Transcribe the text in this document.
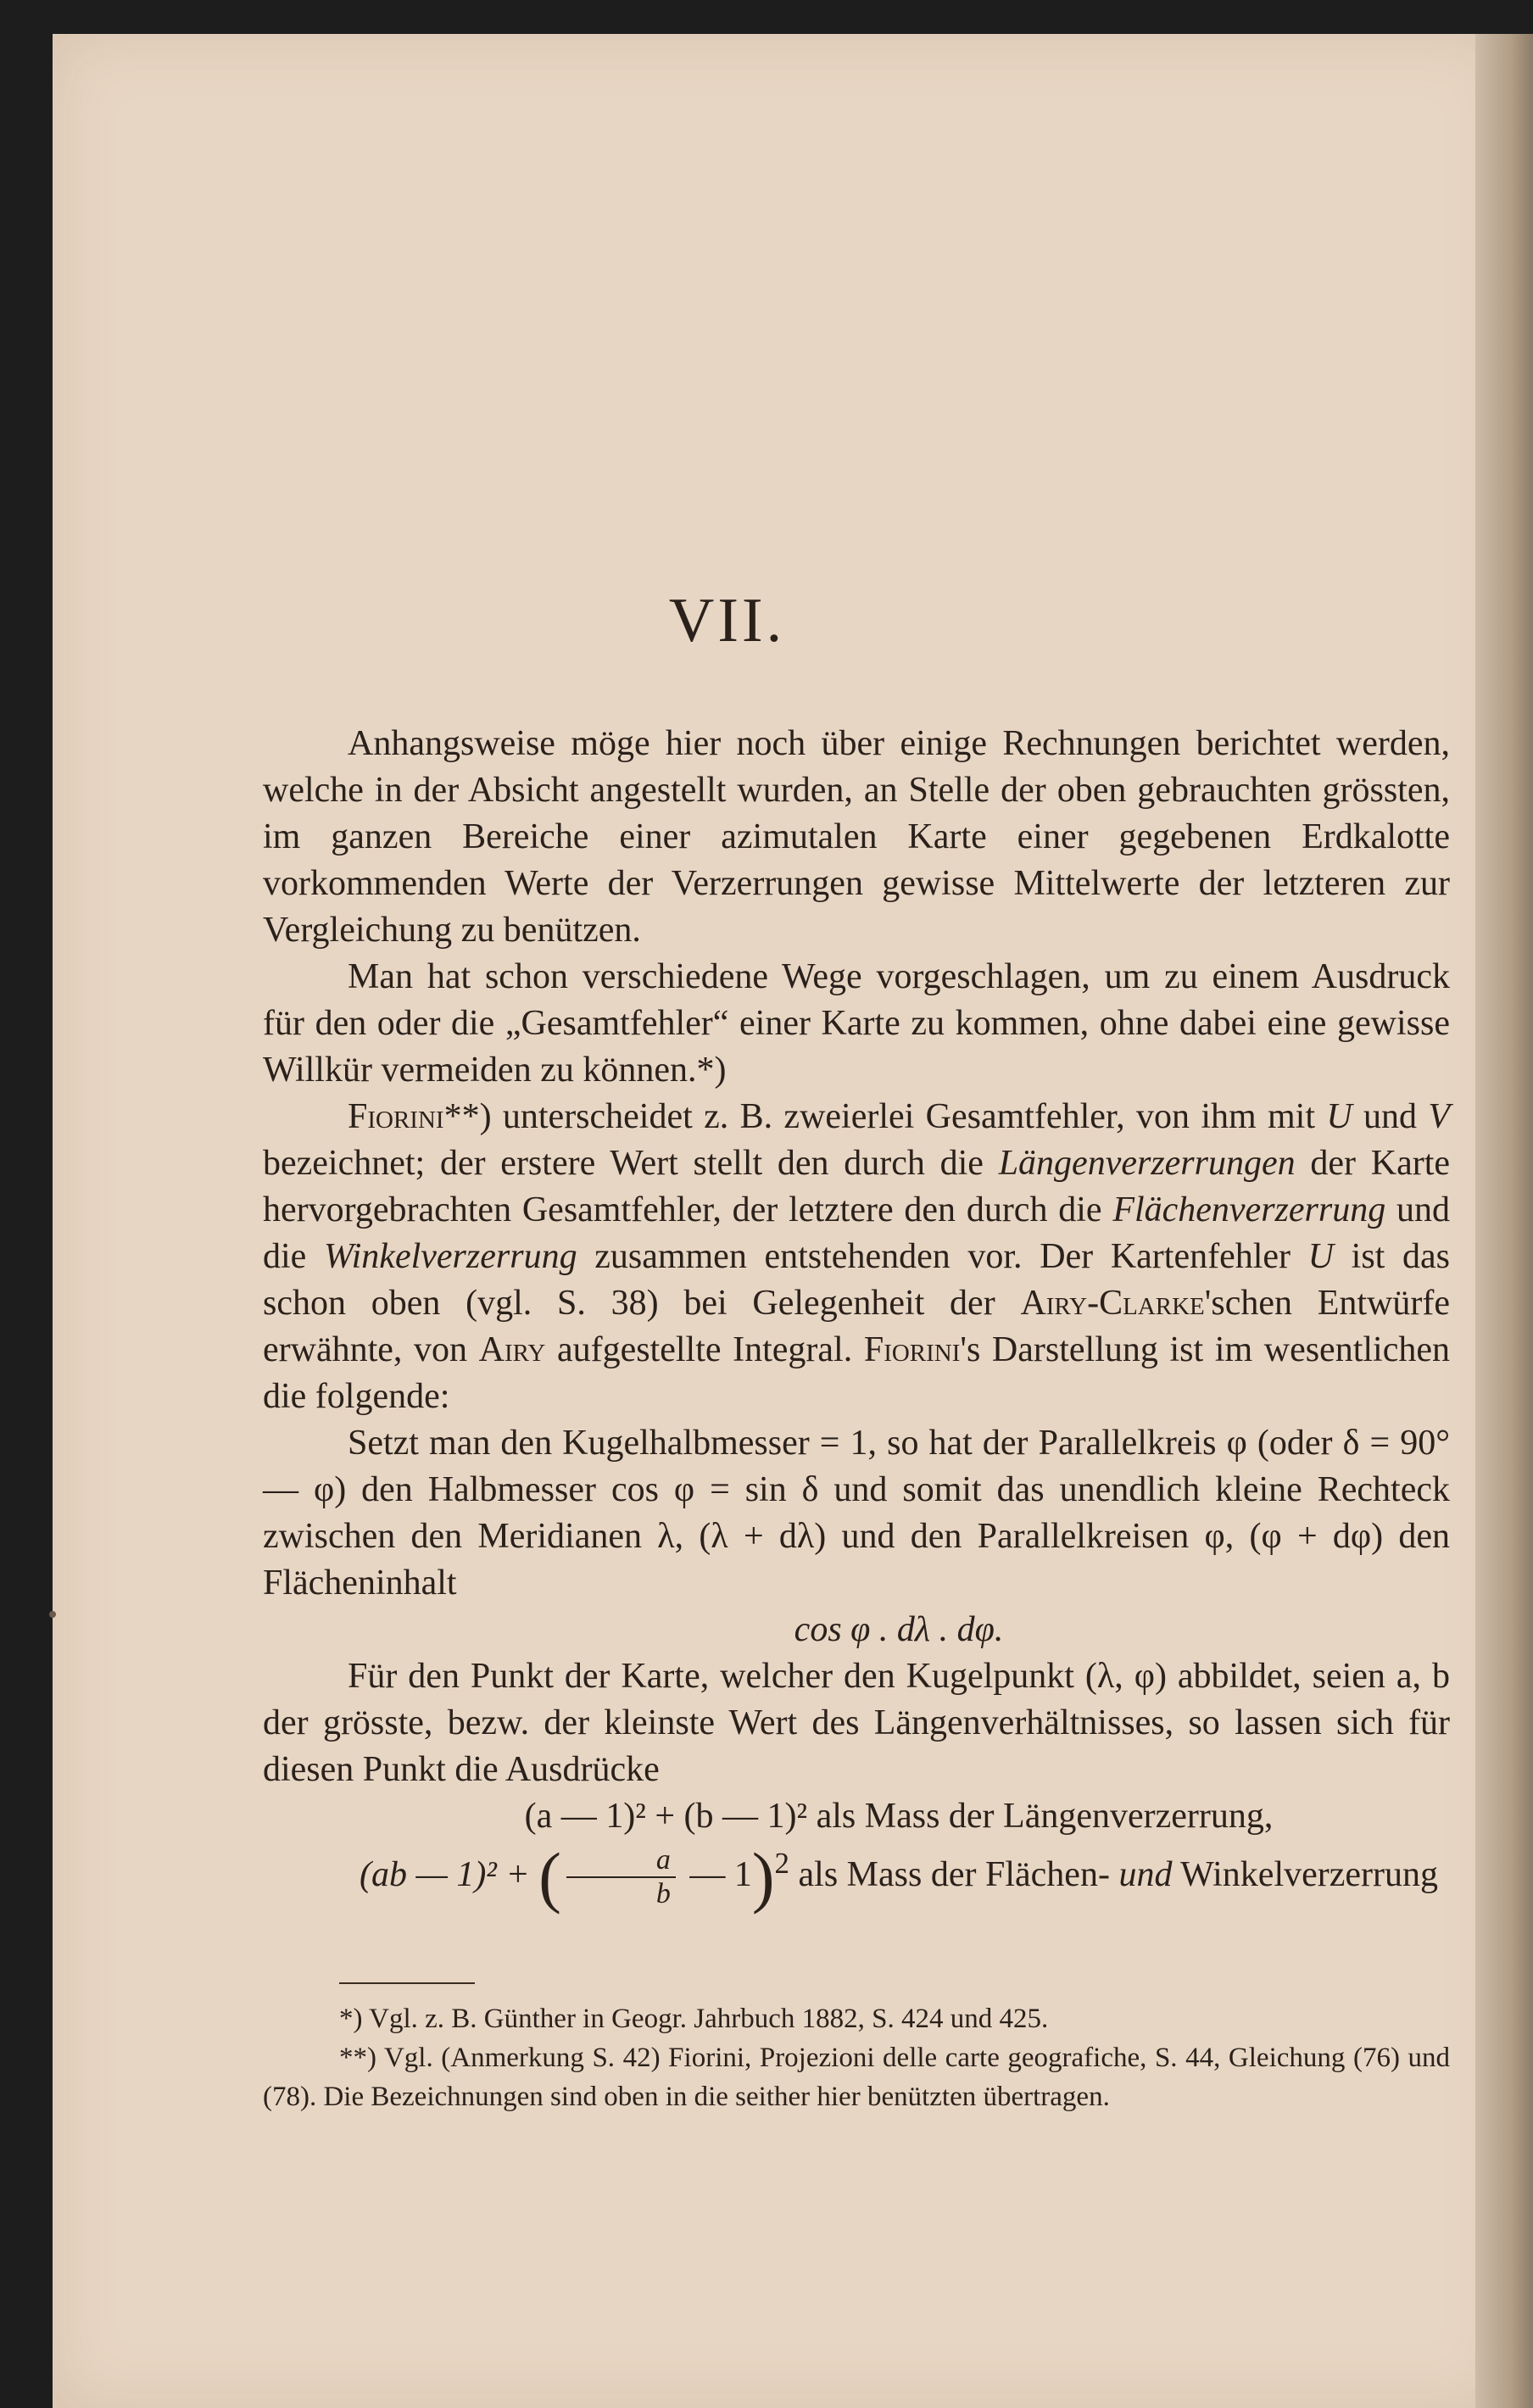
VII.

Anhangsweise möge hier noch über einige Rechnungen berichtet werden, welche in der Absicht angestellt wurden, an Stelle der oben gebrauchten grössten, im ganzen Bereiche einer azimutalen Karte einer gegebenen Erdkalotte vorkommenden Werte der Verzerrungen gewisse Mittelwerte der letzteren zur Vergleichung zu benützen.

Man hat schon verschiedene Wege vorgeschlagen, um zu einem Ausdruck für den oder die „Gesamtfehler“ einer Karte zu kommen, ohne dabei eine gewisse Willkür vermeiden zu können.*)

Fiorini**) unterscheidet z. B. zweierlei Gesamtfehler, von ihm mit U und V bezeichnet; der erstere Wert stellt den durch die Längenverzerrungen der Karte hervorgebrachten Gesamtfehler, der letztere den durch die Flächenverzerrung und die Winkelverzerrung zusammen entstehenden vor. Der Kartenfehler U ist das schon oben (vgl. S. 38) bei Gelegenheit der Airy-Clarke'schen Entwürfe erwähnte, von Airy aufgestellte Integral. Fiorini's Darstellung ist im wesentlichen die folgende:

Setzt man den Kugelhalbmesser = 1, so hat der Parallelkreis φ (oder δ = 90° — φ) den Halbmesser cos φ = sin δ und somit das unendlich kleine Rechteck zwischen den Meridianen λ, (λ + dλ) und den Parallelkreisen φ, (φ + dφ) den Flächeninhalt

cos φ . dλ . dφ.

Für den Punkt der Karte, welcher den Kugelpunkt (λ, φ) abbildet, seien a, b der grösste, bezw. der kleinste Wert des Längenverhältnisses, so lassen sich für diesen Punkt die Ausdrücke

(a — 1)² + (b — 1)² als Mass der Längenverzerrung,

(ab — 1)² + ( $\frac{a}{b}$ — 1)$^2$ als Mass der Flächen- und Winkelverzerrung

*) Vgl. z. B. Günther in Geogr. Jahrbuch 1882, S. 424 und 425.

**) Vgl. (Anmerkung S. 42) Fiorini, Projezioni delle carte geografiche, S. 44, Gleichung (76) und (78). Die Bezeichnungen sind oben in die seither hier benützten übertragen.
